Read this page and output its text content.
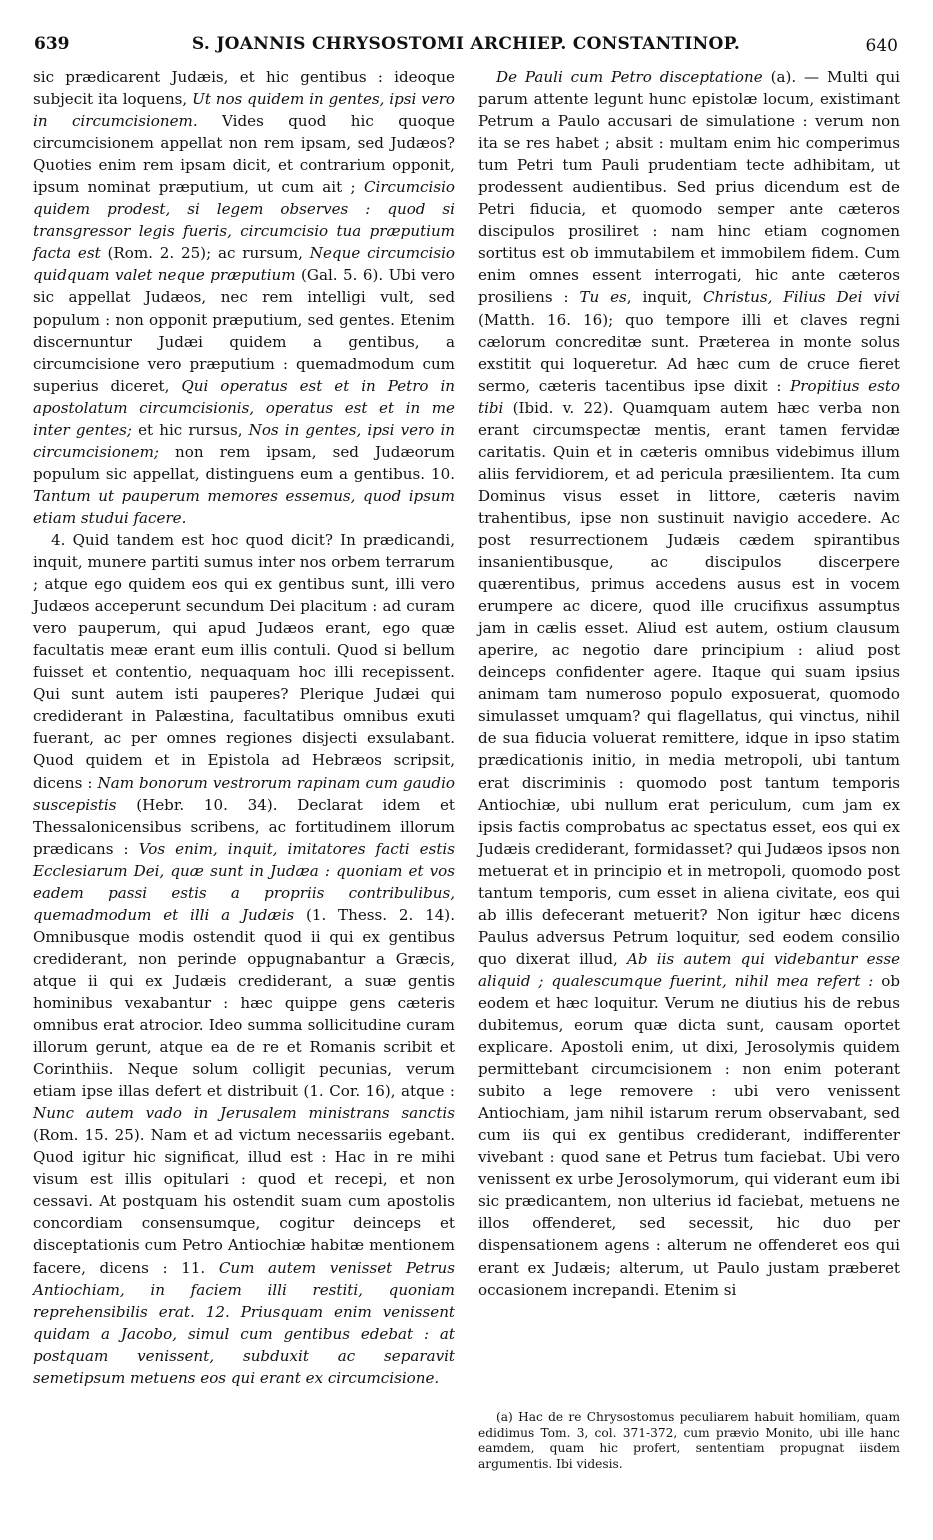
639	S. JOANNIS CHRYSOSTOMI ARCHIEP. CONSTANTINOP.	640

sic prædicarent Judæis, et hic gentibus : ideoque subjecit ita loquens, Ut nos quidem in gentes, ipsi vero in circumcisionem. Vides quod hic quoque circumcisionem appellat non rem ipsam, sed Judæos? Quoties enim rem ipsam dicit, et contrarium opponit, ipsum nominat præputium, ut cum ait ; Circumcisio quidem prodest, si legem observes : quod si transgressor legis fueris, circumcisio tua præputium facta est (Rom. 2. 25); ac rursum, Neque circumcisio quidquam valet neque præputium (Gal. 5. 6). Ubi vero sic appellat Judæos, nec rem intelligi vult, sed populum : non opponit præputium, sed gentes. Etenim discernuntur Judæi quidem a gentibus, a circumcisione vero præputium : quemadmodum cum superius diceret, Qui operatus est et in Petro in apostolatum circumcisionis, operatus est et in me inter gentes; et hic rursus, Nos in gentes, ipsi vero in circumcisionem; non rem ipsam, sed Judæorum populum sic appellat, distinguens eum a gentibus. 10. Tantum ut pauperum memores essemus, quod ipsum etiam studui facere.

4. Quid tandem est hoc quod dicit? In prædicandi, inquit, munere partiti sumus inter nos orbem terrarum ; atque ego quidem eos qui ex gentibus sunt, illi vero Judæos acceperunt secundum Dei placitum : ad curam vero pauperum, qui apud Judæos erant, ego quæ facultatis meæ erant eum illis contuli. Quod si bellum fuisset et contentio, nequaquam hoc illi recepissent. Qui sunt autem isti pauperes? Plerique Judæi qui crediderant in Palæstina, facultatibus omnibus exuti fuerant, ac per omnes regiones disjecti exsulabant. Quod quidem et in Epistola ad Hebræos scripsit, dicens : Nam bonorum vestrorum rapinam cum gaudio suscepistis (Hebr. 10. 34). Declarat idem et Thessalonicensibus scribens, ac fortitudinem illorum prædicans : Vos enim, inquit, imitatores facti estis Ecclesiarum Dei, quæ sunt in Judæa : quoniam et vos eadem passi estis a propriis contribulibus, quemadmodum et illi a Judæis (1. Thess. 2. 14). Omnibusque modis ostendit quod ii qui ex gentibus crediderant, non perinde oppugnabantur a Græcis, atque ii qui ex Judæis crediderant, a suæ gentis hominibus vexabantur : hæc quippe gens cæteris omnibus erat atrocior. Ideo summa sollicitudine curam illorum gerunt, atque ea de re et Romanis scribit et Corinthiis. Neque solum colligit pecunias, verum etiam ipse illas defert et distribuit (1. Cor. 16), atque : Nunc autem vado in Jerusalem ministrans sanctis (Rom. 15. 25). Nam et ad victum necessariis egebant. Quod igitur hic significat, illud est : Hac in re mihi visum est illis opitulari : quod et recepi, et non cessavi. At postquam his ostendit suam cum apostolis concordiam consensumque, cogitur deinceps et disceptationis cum Petro Antiochiæ habitæ mentionem facere, dicens : 11. Cum autem venisset Petrus Antiochiam, in faciem illi restiti, quoniam reprehensibilis erat. 12. Priusquam enim venissent quidam a Jacobo, simul cum gentibus edebat : at postquam venissent, subduxit ac separavit semetipsum metuens eos qui erant ex circumcisione.

De Pauli cum Petro disceptatione (a). — Multi qui parum attente legunt hunc epistolæ locum, existimant Petrum a Paulo accusari de simulatione : verum non ita se res habet ; absit : multam enim hic comperimus tum Petri tum Pauli prudentiam tecte adhibitam, ut prodessent audientibus. Sed prius dicendum est de Petri fiducia, et quomodo semper ante cæteros discipulos prosiliret : nam hinc etiam cognomen sortitus est ob immutabilem et immobilem fidem. Cum enim omnes essent interrogati, hic ante cæteros prosiliens : Tu es, inquit, Christus, Filius Dei vivi (Matth. 16. 16); quo tempore illi et claves regni cælorum concreditæ sunt. Præterea in monte solus exstitit qui loqueretur. Ad hæc cum de cruce fieret sermo, cæteris tacentibus ipse dixit : Propitius esto tibi (Ibid. v. 22). Quamquam autem hæc verba non erant circumspectæ mentis, erant tamen fervidæ caritatis. Quin et in cæteris omnibus videbimus illum aliis fervidiorem, et ad pericula præsilientem. Ita cum Dominus visus esset in littore, cæteris navim trahentibus, ipse non sustinuit navigio accedere. Ac post resurrectionem Judæis cædem spirantibus insanientibusque, ac discipulos discerpere quærentibus, primus accedens ausus est in vocem erumpere ac dicere, quod ille crucifixus assumptus jam in cælis esset. Aliud est autem, ostium clausum aperire, ac negotio dare principium : aliud post deinceps confidenter agere. Itaque qui suam ipsius animam tam numeroso populo exposuerat, quomodo simulasset umquam? qui flagellatus, qui vinctus, nihil de sua fiducia voluerat remittere, idque in ipso statim prædicationis initio, in media metropoli, ubi tantum erat discriminis : quomodo post tantum temporis Antiochiæ, ubi nullum erat periculum, cum jam ex ipsis factis comprobatus ac spectatus esset, eos qui ex Judæis crediderant, formidasset? qui Judæos ipsos non metuerat et in principio et in metropoli, quomodo post tantum temporis, cum esset in aliena civitate, eos qui ab illis defecerant metuerit? Non igitur hæc dicens Paulus adversus Petrum loquitur, sed eodem consilio quo dixerat illud, Ab iis autem qui videbantur esse aliquid ; qualescumque fuerint, nihil mea refert : ob eodem et hæc loquitur. Verum ne diutius his de rebus dubitemus, eorum quæ dicta sunt, causam oportet explicare. Apostoli enim, ut dixi, Jerosolymis quidem permittebant circumcisionem : non enim poterant subito a lege removere : ubi vero venissent Antiochiam, jam nihil istarum rerum observabant, sed cum iis qui ex gentibus crediderant, indifferenter vivebant : quod sane et Petrus tum faciebat. Ubi vero venissent ex urbe Jerosolymorum, qui viderant eum ibi sic prædicantem, non ulterius id faciebat, metuens ne illos offenderet, sed secessit, hic duo per dispensationem agens : alterum ne offenderet eos qui erant ex Judæis; alterum, ut Paulo justam præberet occasionem increpandi. Etenim si

(a) Hac de re Chrysostomus peculiarem habuit homiliam, quam edidimus Tom. 3, col. 371-372, cum prævio Monito, ubi ille hanc eamdem, quam hic profert, sententiam propugnat iisdem argumentis. Ibi videsis.
